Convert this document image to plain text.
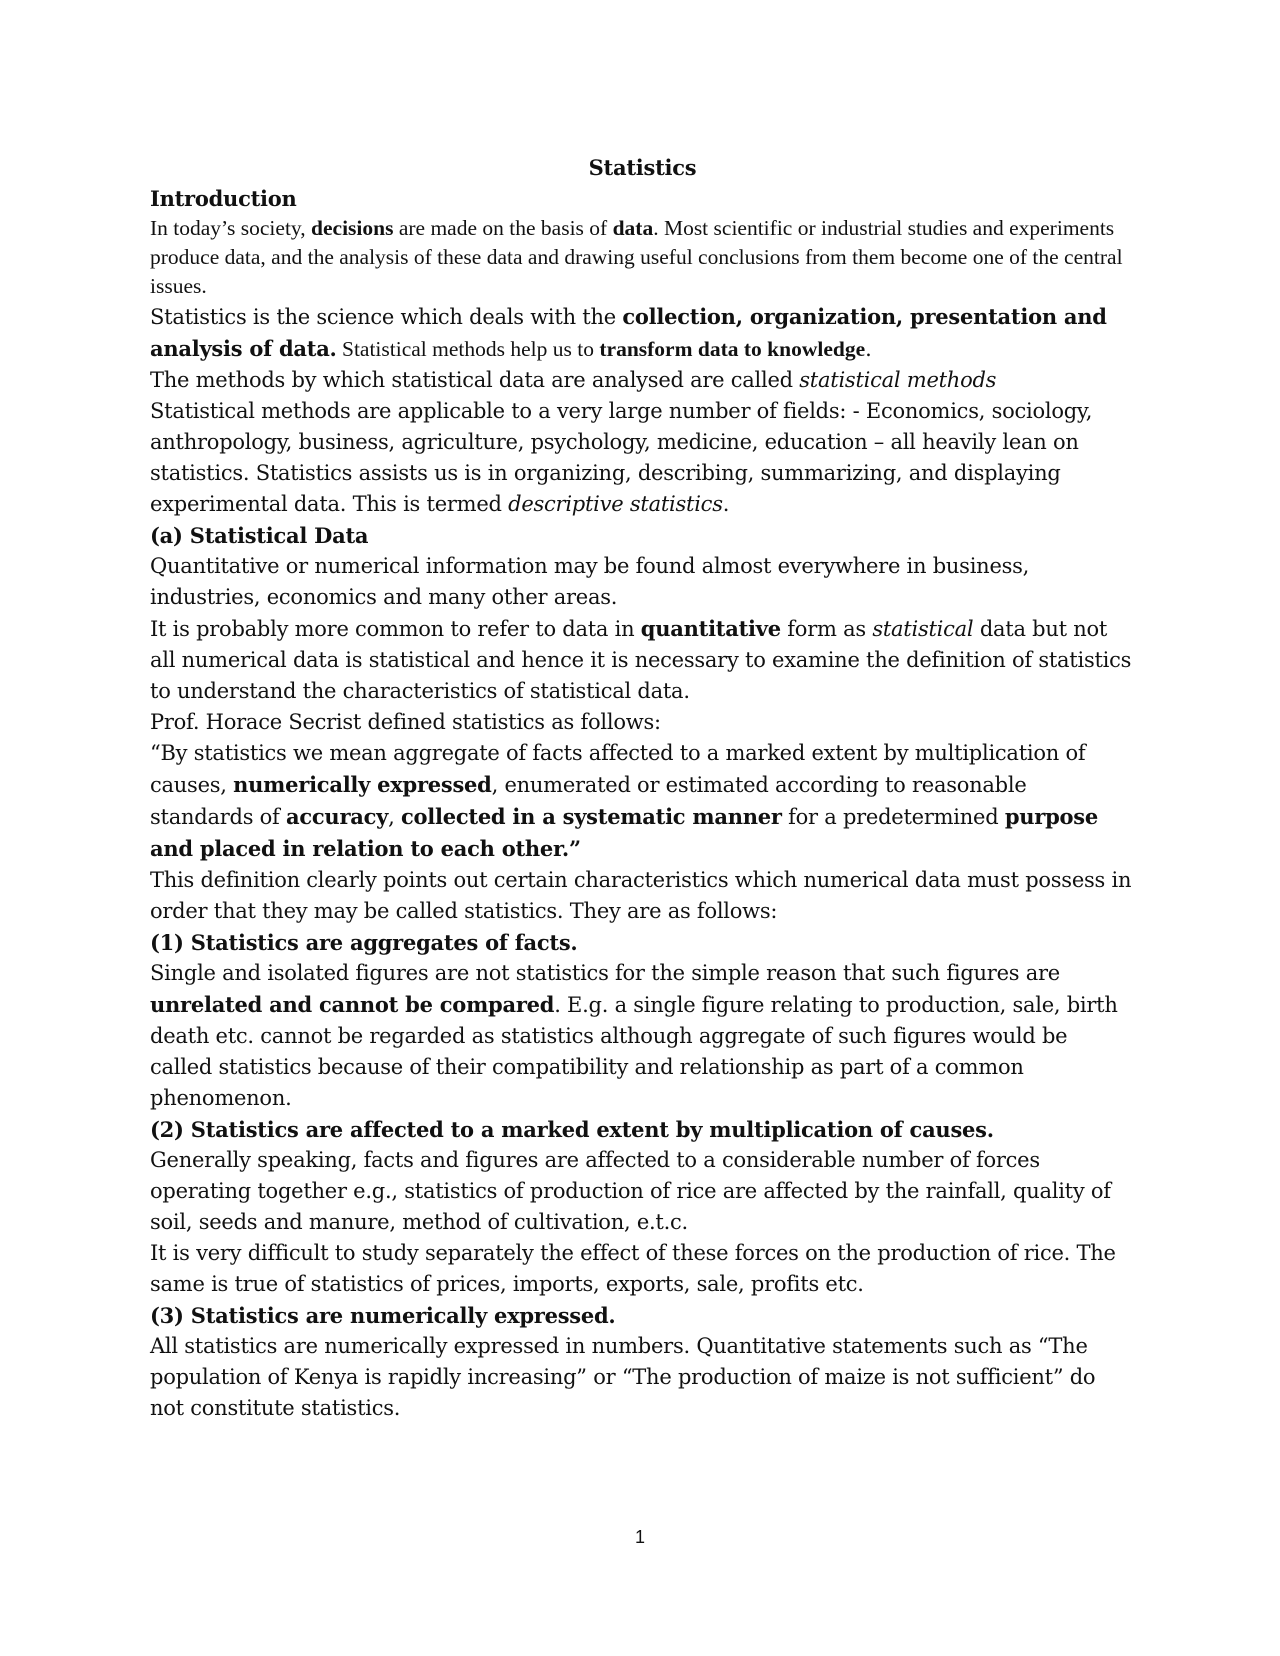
Statistics

Introduction

In today’s society, decisions are made on the basis of data. Most scientific or industrial studies and experiments produce data, and the analysis of these data and drawing useful conclusions from them become one of the central issues.

Statistics is the science which deals with the collection, organization, presentation and analysis of data. Statistical methods help us to transform data to knowledge.

The methods by which statistical data are analysed are called statistical methods

Statistical methods are applicable to a very large number of fields: - Economics, sociology, anthropology, business, agriculture, psychology, medicine, education – all heavily lean on statistics. Statistics assists us is in organizing, describing, summarizing, and displaying experimental data. This is termed descriptive statistics.

(a) Statistical Data

Quantitative or numerical information may be found almost everywhere in business, industries, economics and many other areas.

It is probably more common to refer to data in quantitative form as statistical data but not all numerical data is statistical and hence it is necessary to examine the definition of statistics to understand the characteristics of statistical data.

Prof. Horace Secrist defined statistics as follows:

“By statistics we mean aggregate of facts affected to a marked extent by multiplication of causes, numerically expressed, enumerated or estimated according to reasonable standards of accuracy, collected in a systematic manner for a predetermined purpose and placed in relation to each other.”

This definition clearly points out certain characteristics which numerical data must possess in order that they may be called statistics. They are as follows:

(1) Statistics are aggregates of facts.

Single and isolated figures are not statistics for the simple reason that such figures are unrelated and cannot be compared. E.g. a single figure relating to production, sale, birth death etc. cannot be regarded as statistics although aggregate of such figures would be called statistics because of their compatibility and relationship as part of a common phenomenon.

(2) Statistics are affected to a marked extent by multiplication of causes.

Generally speaking, facts and figures are affected to a considerable number of forces operating together e.g., statistics of production of rice are affected by the rainfall, quality of soil, seeds and manure, method of cultivation, e.t.c.

It is very difficult to study separately the effect of these forces on the production of rice. The same is true of statistics of prices, imports, exports, sale, profits etc.

(3) Statistics are numerically expressed.

All statistics are numerically expressed in numbers. Quantitative statements such as “The population of Kenya is rapidly increasing” or “The production of maize is not sufficient” do not constitute statistics.

1
